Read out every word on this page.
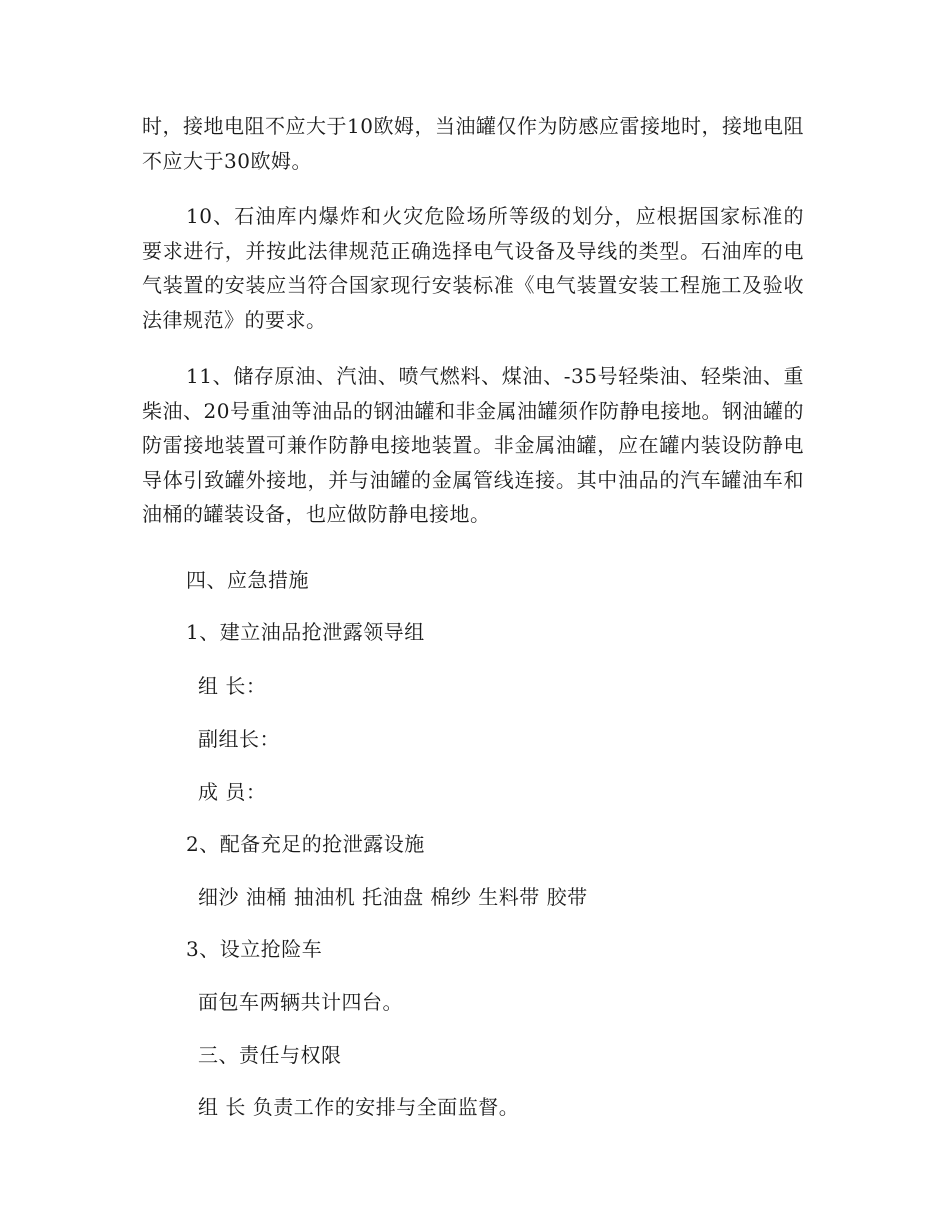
时，接地电阻不应大于10欧姆，当油罐仅作为防感应雷接地时，接地电阻不应大于30欧姆。

10、石油库内爆炸和火灾危险场所等级的划分，应根据国家标准的要求进行，并按此法律规范正确选择电气设备及导线的类型。石油库的电气装置的安装应当符合国家现行安装标准《电气装置安装工程施工及验收法律规范》的要求。

11、储存原油、汽油、喷气燃料、煤油、-35号轻柴油、轻柴油、重柴油、20号重油等油品的钢油罐和非金属油罐须作防静电接地。钢油罐的防雷接地装置可兼作防静电接地装置。非金属油罐，应在罐内装设防静电导体引致罐外接地，并与油罐的金属管线连接。其中油品的汽车罐油车和油桶的罐装设备，也应做防静电接地。

四、应急措施
1、建立油品抢泄露领导组
组 长：
副组长：
成 员：
2、配备充足的抢泄露设施
细沙 油桶 抽油机 托油盘 棉纱 生料带 胶带
3、设立抢险车
面包车两辆共计四台。
三、责任与权限
组 长 负责工作的安排与全面监督。
